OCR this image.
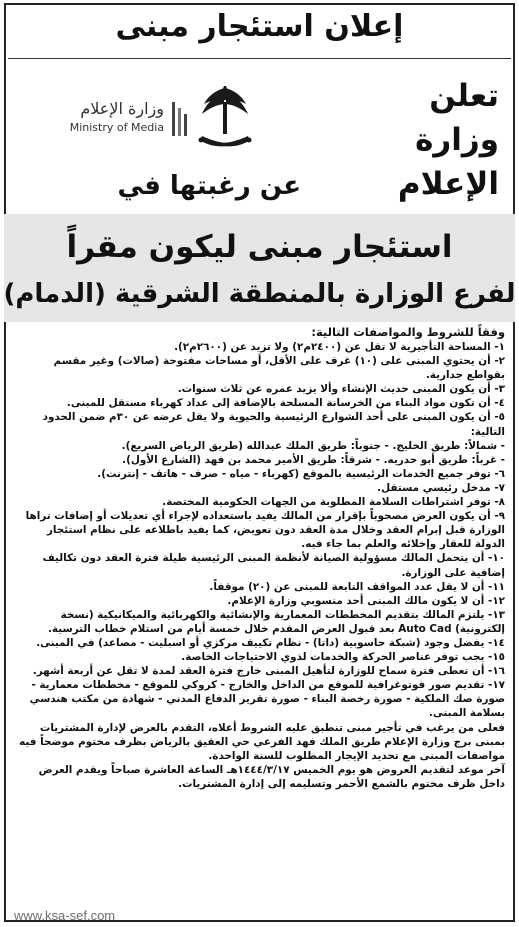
إعلان استئجار مبنى
تعلن
وزارة الإعلام
وزارة الإعلام
Ministry of Media
عن رغبتها في
استئجار مبنى ليكون مقراً
لفرع الوزارة بالمنطقة الشرقية (الدمام)
وفقاً للشروط والمواصفات التالية:
١- المساحة التأجيرية لا تقل عن (٢٤٠٠م٢) ولا تزيد عن (٢٦٠٠م٢).
٢- أن يحتوي المبنى على (١٠) غرف على الأقل، أو مساحات مفتوحة (صالات) وغير مقسم بقواطع جدارية.
٣- أن يكون المبنى حديث الإنشاء وألا يزيد عمره عن ثلاث سنوات.
٤- أن تكون مواد البناء من الخرسانة المسلحة بالإضافة إلى عداد كهرباء مستقل للمبنى.
٥- أن يكون المبنى على أحد الشوارع الرئيسية والحيوية ولا يقل عرضه عن ٣٠م ضمن الحدود التالية:
- شمالاً: طريق الخليج. - جنوباً: طريق الملك عبدالله (طريق الرياض السريع).
- غرباً: طريق أبو حدريه. - شرقاً: طريق الأمير محمد بن فهد (الشارع الأول).
٦- توفر جميع الخدمات الرئيسية بالموقع (كهرباء - مياه - صرف - هاتف - إنترنت).
٧- مدخل رئيسي مستقل.
٨- توفر اشتراطات السلامة المطلوبة من الجهات الحكومية المختصة.
٩- أن يكون العرض مصحوباً بإقرار من المالك يفيد باستعداده لإجراء أي تعديلات أو إضافات تراها الوزارة قبل إبرام العقد وخلال مدة العقد دون تعويض، كما يفيد باطلاعه على نظام استئجار الدولة للعقار وإخلائه والعلم بما جاء فيه.
١٠- أن يتحمل المالك مسؤولية الصيانة لأنظمة المبنى الرئيسية طيلة فترة العقد دون تكاليف إضافية على الوزارة.
١١- أن لا يقل عدد المواقف التابعة للمبنى عن (٢٠) موقفاً.
١٢- أن لا يكون مالك المبنى أحد منسوبي وزارة الإعلام.
١٣- يلتزم المالك بتقديم المخططات المعمارية والإنشائية والكهربائية والميكانيكية (نسخة إلكترونية) Auto Cad بعد قبول العرض المقدم خلال خمسة أيام من استلام خطاب الترسية.
١٤- يفضل وجود (شبكة حاسوبية (داتا) - نظام تكييف مركزي أو اسبليت - مصاعد) في المبنى.
١٥- يجب توفر عناصر الحركة والخدمات لذوي الاحتياجات الخاصة.
١٦- أن تعطى فترة سماح للوزارة لتأهيل المبنى خارج فترة العقد لمدة لا تقل عن أربعة أشهر.
١٧- تقديم صور فوتوغرافية للموقع من الداخل والخارج - كروكي للموقع - مخططات معمارية - صورة صك الملكية - صورة رخصة البناء - صورة تقرير الدفاع المدني - شهادة من مكتب هندسي بسلامة المبنى.
فعلى من يرغب في تأجير مبنى تنطبق عليه الشروط أعلاه، التقدم بالعرض لإدارة المشتريات بمبنى برج وزارة الإعلام طريق الملك فهد الفرعي حي العقيق بالرياض بظرف مختوم موضحاً فيه مواصفات المبنى مع تحديد الإيجار المطلوب للسنة الواحدة.
آخر موعد لتقديم العروض هو يوم الخميس ١٤٤٤/٣/١٧هـ الساعة العاشرة صباحاً ويقدم العرض داخل ظرف مختوم بالشمع الأحمر وتسليمه إلى إدارة المشتريات.
www.ksa-sef.com
